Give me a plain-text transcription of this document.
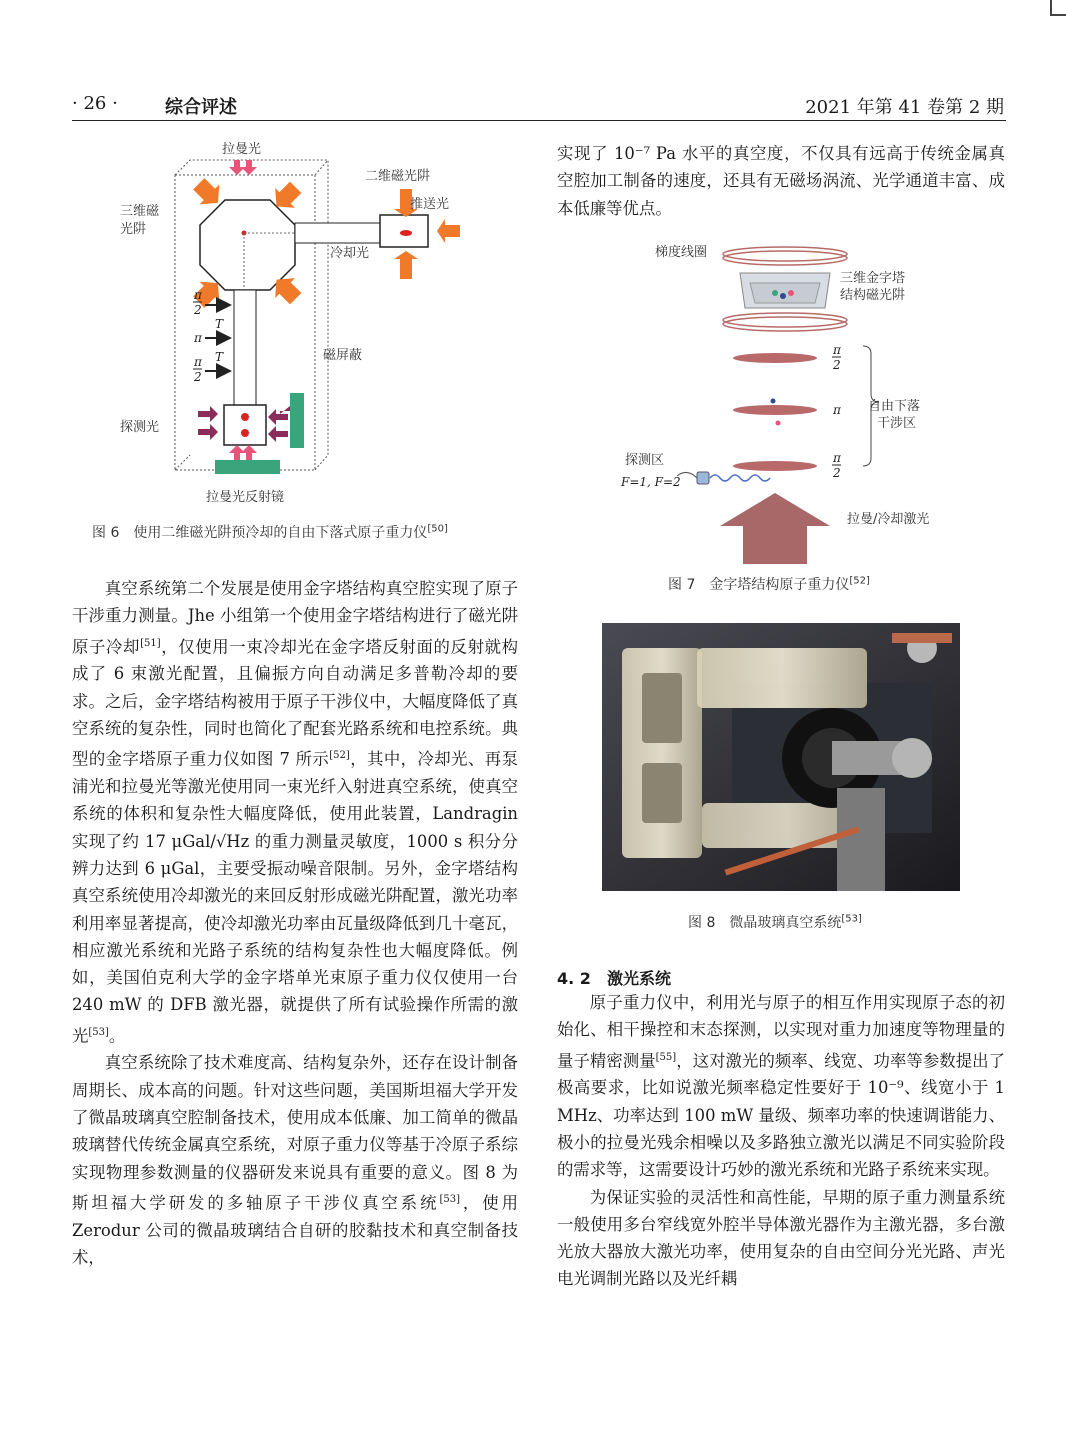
· 26 ·	综合评述	2021 年第 41 卷第 2 期
拉曼光
二维磁光阱
推送光
三维磁
光阱
冷却光
磁屏蔽
探测光
拉曼光反射镜
π
2
π
π
2
T
T
图 6　使用二维磁光阱预冷却的自由下落式原子重力仪[50]

真空系统第二个发展是使用金字塔结构真空腔实现了原子干涉重力测量。Jhe 小组第一个使用金字塔结构进行了磁光阱原子冷却[51]，仅使用一束冷却光在金字塔反射面的反射就构成了 6 束激光配置，且偏振方向自动满足多普勒冷却的要求。之后，金字塔结构被用于原子干涉仪中，大幅度降低了真空系统的复杂性，同时也简化了配套光路系统和电控系统。典型的金字塔原子重力仪如图 7 所示[52]，其中，冷却光、再泵浦光和拉曼光等激光使用同一束光纤入射进真空系统，使真空系统的体积和复杂性大幅度降低，使用此装置，Landragin 实现了约 17 μGal/√Hz 的重力测量灵敏度，1000 s 积分分辨力达到 6 μGal，主要受振动噪音限制。另外，金字塔结构真空系统使用冷却激光的来回反射形成磁光阱配置，激光功率利用率显著提高，使冷却激光功率由瓦量级降低到几十毫瓦，相应激光系统和光路子系统的结构复杂性也大幅度降低。例如，美国伯克利大学的金字塔单光束原子重力仪仅使用一台 240 mW 的 DFB 激光器，就提供了所有试验操作所需的激光[53]。

真空系统除了技术难度高、结构复杂外，还存在设计制备周期长、成本高的问题。针对这些问题，美国斯坦福大学开发了微晶玻璃真空腔制备技术，使用成本低廉、加工简单的微晶玻璃替代传统金属真空系统，对原子重力仪等基于冷原子系综实现物理参数测量的仪器研发来说具有重要的意义。图 8 为斯坦福大学研发的多轴原子干涉仪真空系统[53]，使用 Zerodur 公司的微晶玻璃结合自研的胶黏技术和真空制备技术，

实现了 10⁻⁷ Pa 水平的真空度，不仅具有远高于传统金属真空腔加工制备的速度，还具有无磁场涡流、光学通道丰富、成本低廉等优点。

梯度线圈
三维金字塔
结构磁光阱
自由下落
干涉区
探测区
F=1, F=2
拉曼/冷却激光
π
2
π
π
2
图 7　金字塔结构原子重力仪[52]
图 8　微晶玻璃真空系统[53]
4. 2　 激光系统

原子重力仪中，利用光与原子的相互作用实现原子态的初始化、相干操控和末态探测，以实现对重力加速度等物理量的量子精密测量[55]，这对激光的频率、线宽、功率等参数提出了极高要求，比如说激光频率稳定性要好于 10⁻⁹、线宽小于 1 MHz、功率达到 100 mW 量级、频率功率的快速调谐能力、极小的拉曼光残余相噪以及多路独立激光以满足不同实验阶段的需求等，这需要设计巧妙的激光系统和光路子系统来实现。

为保证实验的灵活性和高性能，早期的原子重力测量系统一般使用多台窄线宽外腔半导体激光器作为主激光器，多台激光放大器放大激光功率，使用复杂的自由空间分光光路、声光电光调制光路以及光纤耦
